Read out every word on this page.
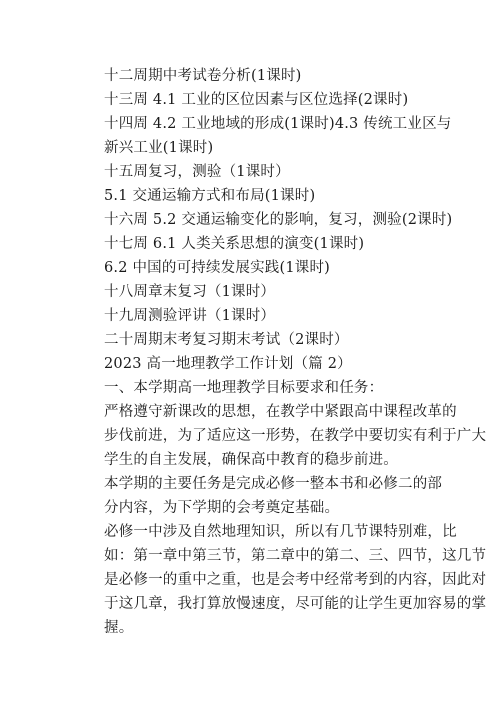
十二周期中考试卷分析(1课时)
十三周 4.1 工业的区位因素与区位选择(2课时)
十四周 4.2 工业地域的形成(1课时)4.3 传统工业区与
新兴工业(1课时)
十五周复习，测验（1课时）
5.1 交通运输方式和布局(1课时)
十六周 5.2 交通运输变化的影响，复习，测验(2课时)
十七周 6.1 人类关系思想的演变(1课时)
6.2 中国的可持续发展实践(1课时)
十八周章末复习（1课时）
十九周测验评讲（1课时）
二十周期末考复习期末考试（2课时）
2023 高一地理教学工作计划（篇 2）
一、本学期高一地理教学目标要求和任务：
严格遵守新课改的思想，在教学中紧跟高中课程改革的
步伐前进，为了适应这一形势，在教学中要切实有利于广大
学生的自主发展，确保高中教育的稳步前进。
本学期的主要任务是完成必修一整本书和必修二的部
分内容，为下学期的会考奠定基础。
必修一中涉及自然地理知识，所以有几节课特别难，比
如：第一章中第三节，第二章中的第二、三、四节，这几节
是必修一的重中之重，也是会考中经常考到的内容，因此对
于这几章，我打算放慢速度，尽可能的让学生更加容易的掌
握。
